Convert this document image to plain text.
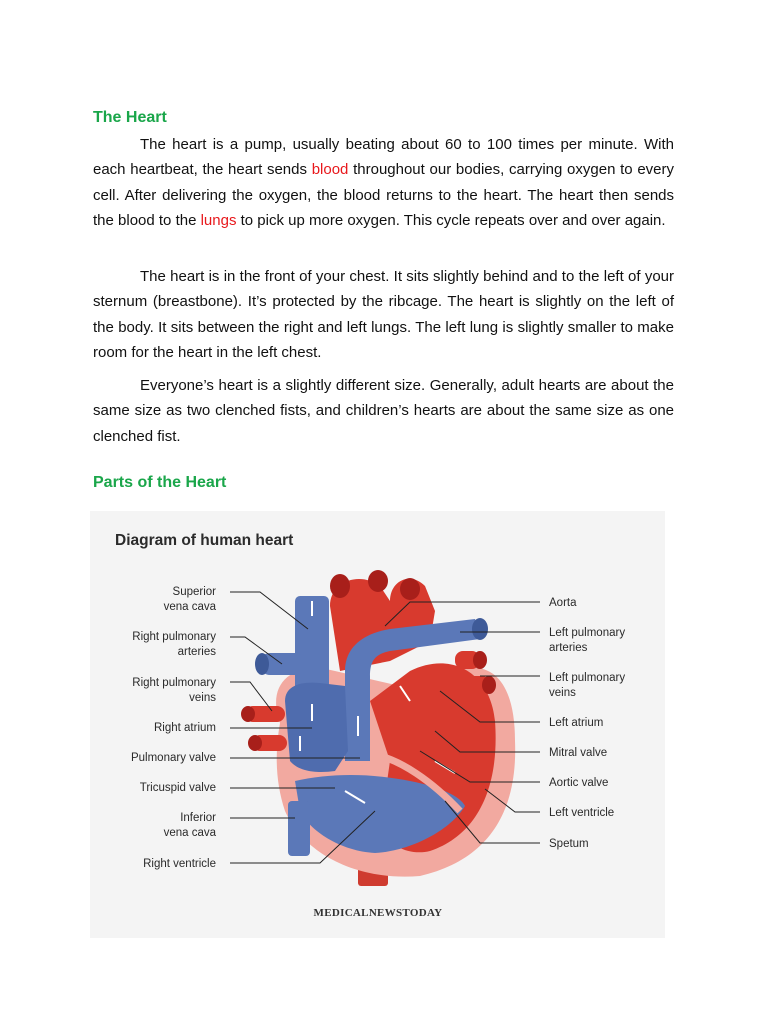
The Heart

The heart is a pump, usually beating about 60 to 100 times per minute. With each heartbeat, the heart sends blood throughout our bodies, carrying oxygen to every cell. After delivering the oxygen, the blood returns to the heart. The heart then sends the blood to the lungs to pick up more oxygen. This cycle repeats over and over again.

The heart is in the front of your chest. It sits slightly behind and to the left of your sternum (breastbone). It’s protected by the ribcage. The heart is slightly on the left of the body. It sits between the right and left lungs. The left lung is slightly smaller to make room for the heart in the left chest.

Everyone’s heart is a slightly different size. Generally, adult hearts are about the same size as two clenched fists, and children’s hearts are about the same size as one clenched fist.

Parts of the Heart
Diagram of human heart
Superior
vena cava
Right pulmonary
arteries
Right pulmonary
veins
Right atrium
Pulmonary valve
Tricuspid valve
Inferior
vena cava
Right ventricle
Aorta
Left pulmonary
arteries
Left pulmonary
veins
Left atrium
Mitral valve
Aortic valve
Left ventricle
Spetum
MEDICALNEWSTODAY
